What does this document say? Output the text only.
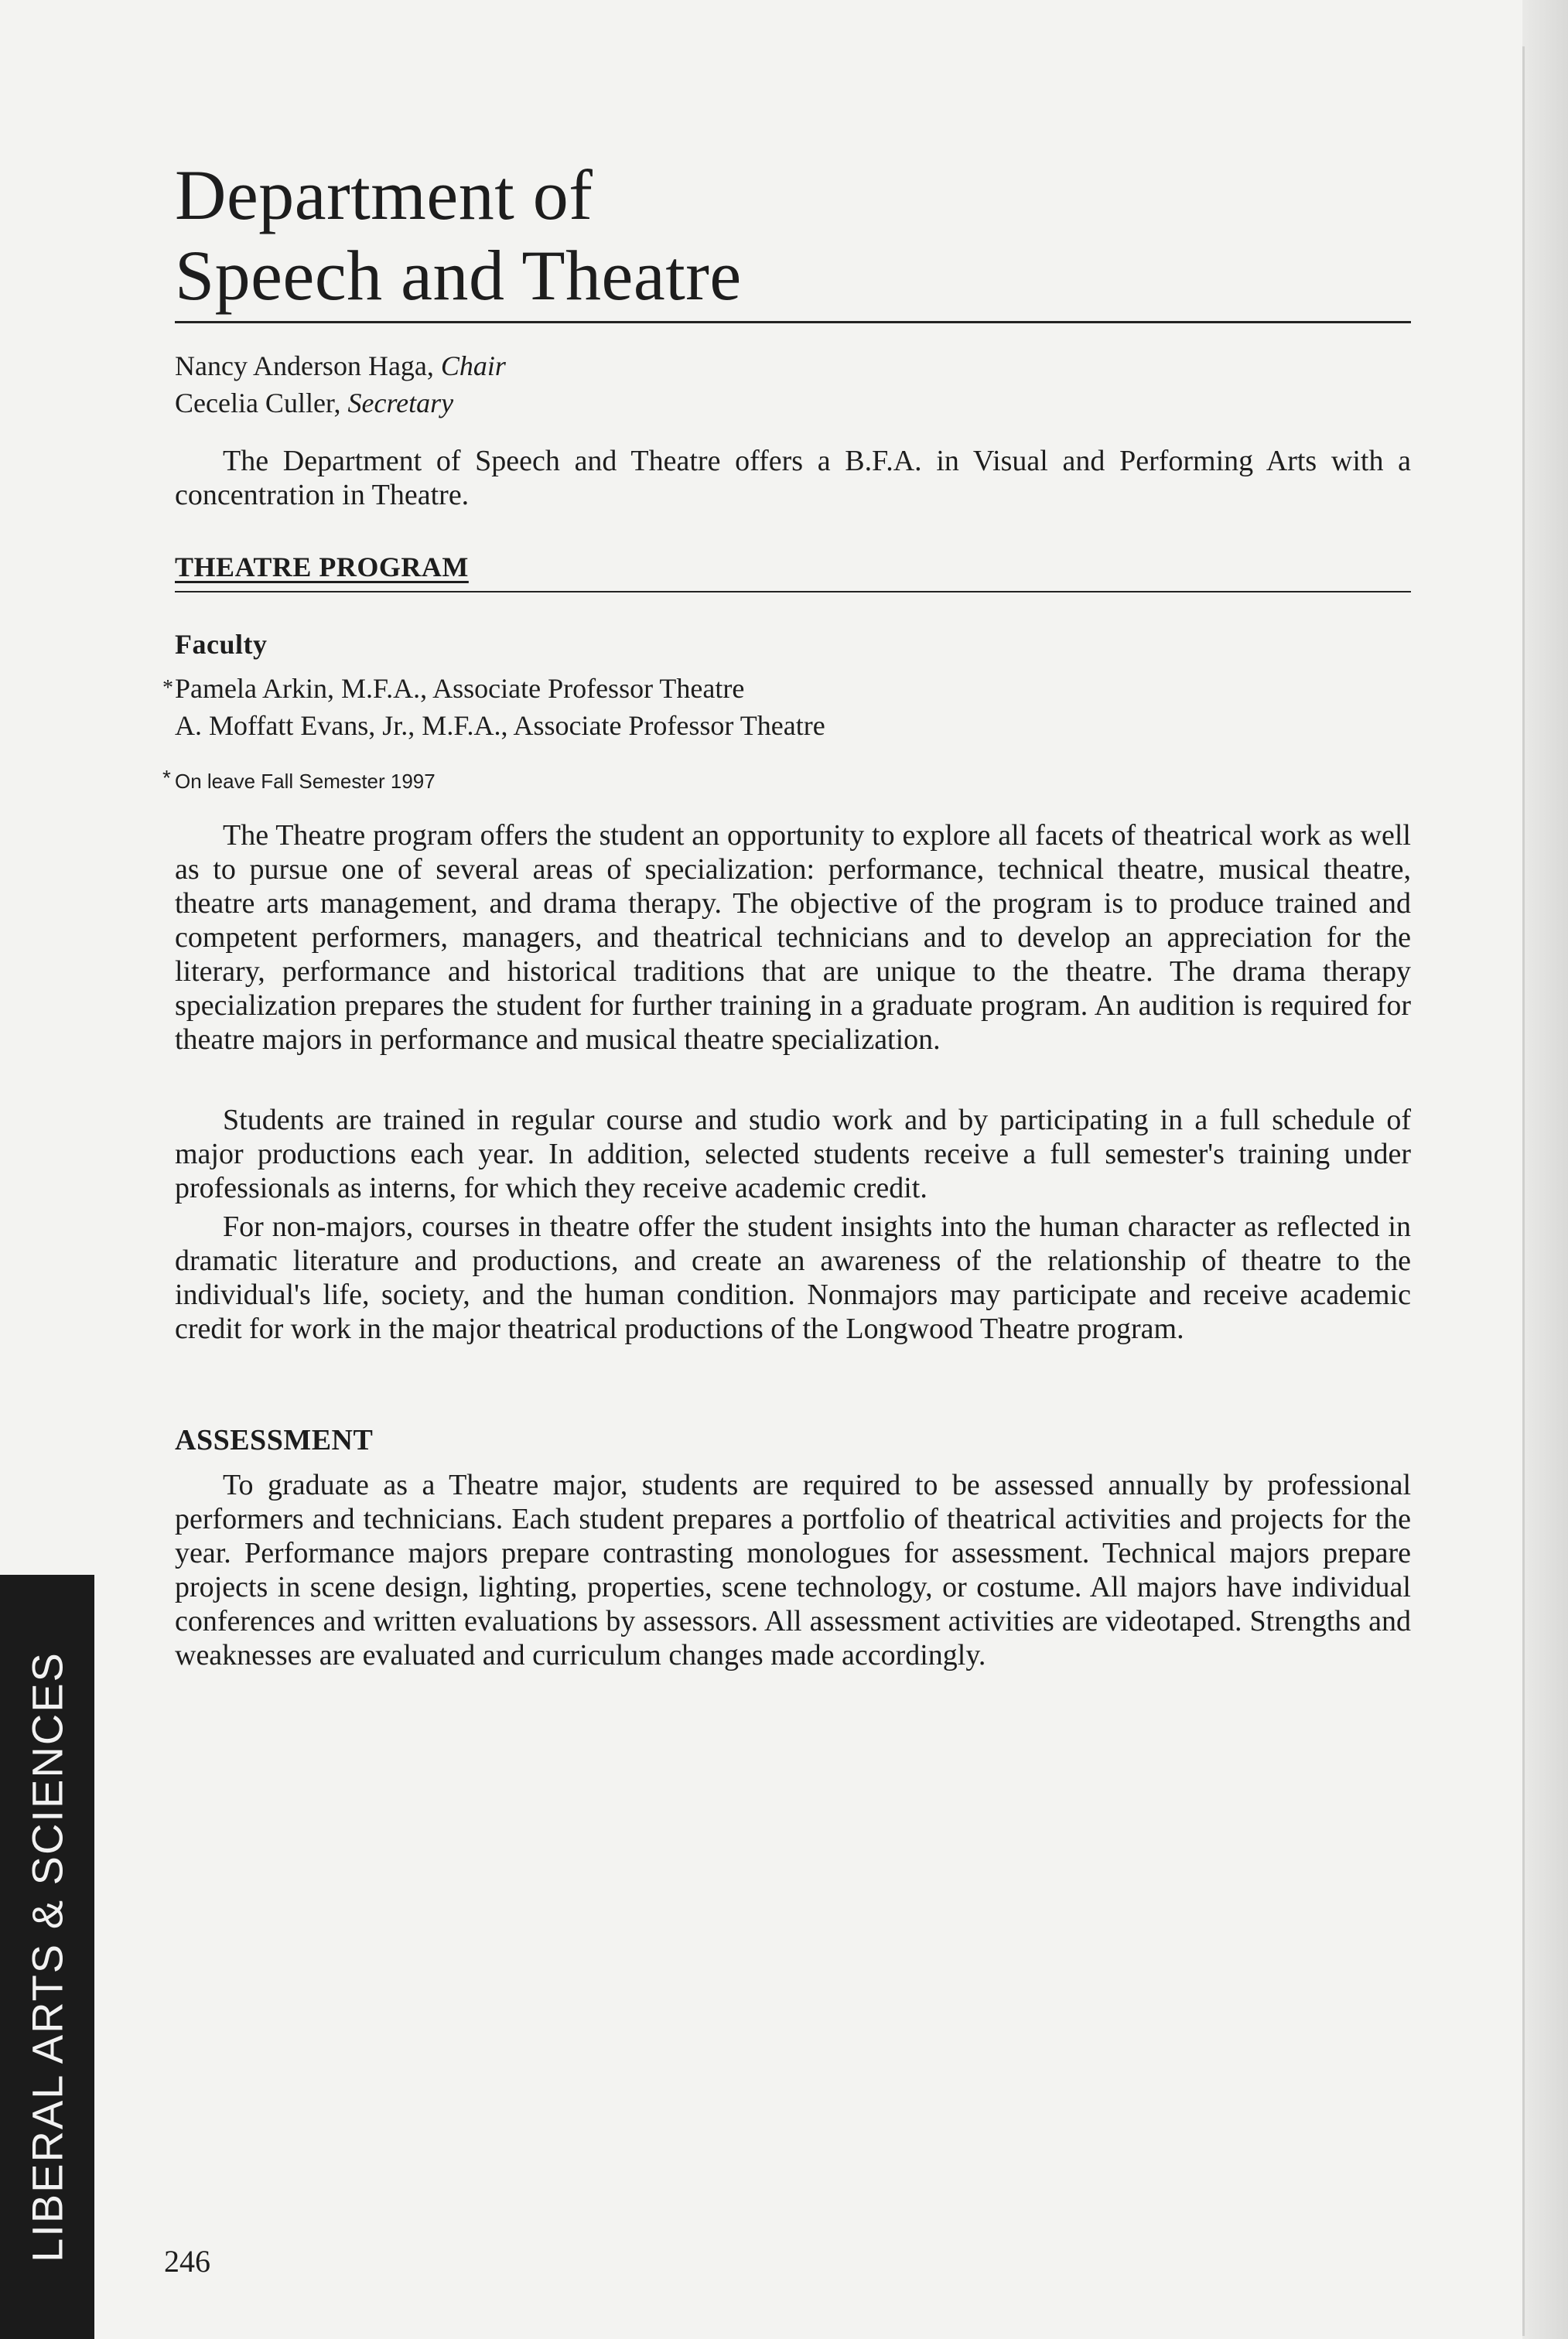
Department of
Speech and Theatre
Nancy Anderson Haga, Chair
Cecelia Culler, Secretary

The Department of Speech and Theatre offers a B.F.A. in Visual and Performing Arts with a concentration in Theatre.

THEATRE PROGRAM
Faculty
*Pamela Arkin, M.F.A., Associate Professor Theatre
A. Moffatt Evans, Jr., M.F.A., Associate Professor Theatre
* On leave Fall Semester 1997

The Theatre program offers the student an opportunity to explore all facets of theatrical work as well as to pursue one of several areas of specialization: performance, technical theatre, musical theatre, theatre arts management, and drama therapy. The objective of the program is to produce trained and competent performers, managers, and theatrical technicians and to develop an appreciation for the literary, performance and historical traditions that are unique to the theatre. The drama therapy specialization prepares the student for further training in a graduate program. An audition is required for theatre majors in performance and musical theatre specialization.

Students are trained in regular course and studio work and by participating in a full schedule of major productions each year. In addition, selected students receive a full semester's training under professionals as interns, for which they receive academic credit.

For non-majors, courses in theatre offer the student insights into the human character as reflected in dramatic literature and productions, and create an awareness of the relationship of theatre to the individual's life, society, and the human condition. Nonmajors may participate and receive academic credit for work in the major theatrical productions of the Longwood Theatre program.

ASSESSMENT

To graduate as a Theatre major, students are required to be assessed annually by professional performers and technicians. Each student prepares a portfolio of theatrical activities and projects for the year. Performance majors prepare contrasting monologues for assessment. Technical majors prepare projects in scene design, lighting, properties, scene technology, or costume. All majors have individual conferences and written evaluations by assessors. All assessment activities are videotaped. Strengths and weaknesses are evaluated and curriculum changes made accordingly.

LIBERAL ARTS & SCIENCES	246
